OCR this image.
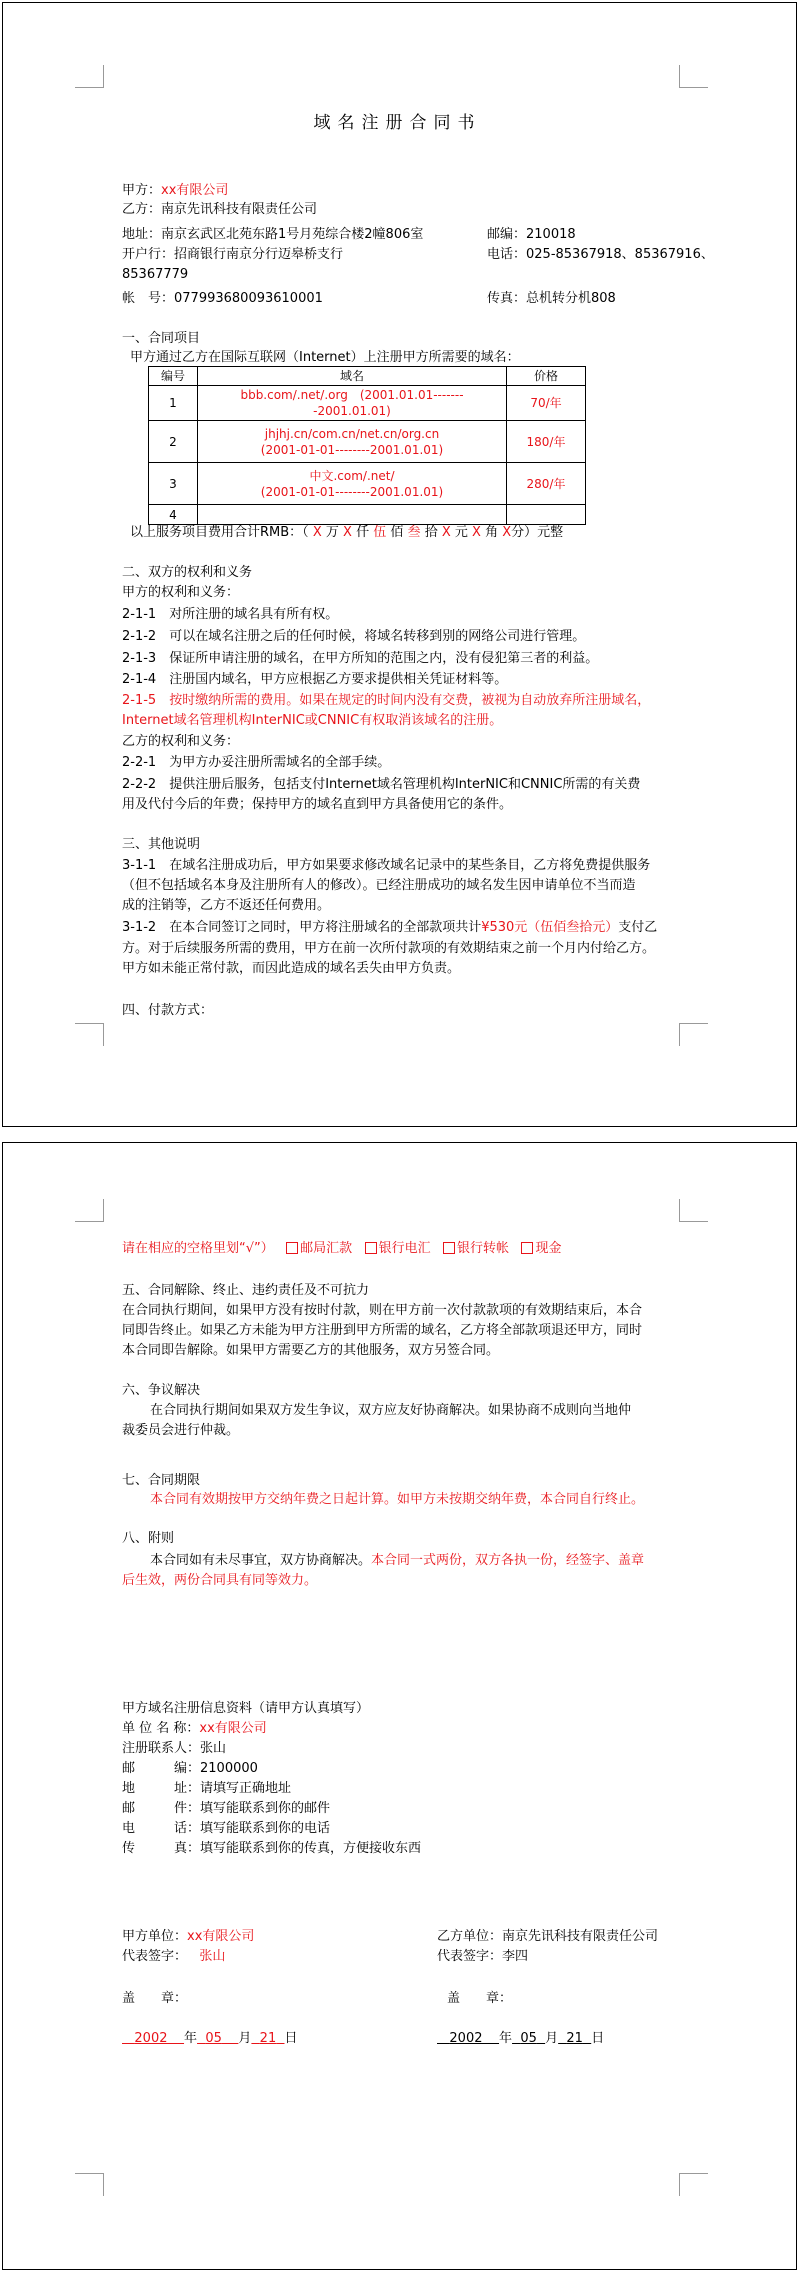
域名注册合同书
甲方：xx有限公司
乙方：南京先讯科技有限责任公司
地址：南京玄武区北苑东路1号月苑综合楼2幢806室	邮编：210018
开户行：招商银行南京分行迈皋桥支行	电话：025-85367918、85367916、
85367779
帐　号：077993680093610001	传真：总机转分机808
一、合同项目
甲方通过乙方在国际互联网（Internet）上注册甲方所需要的域名：
编号	域名	价格
1	bbb.com/.net/.org　(2001.01.01--------2001.01.01)	70/年
2	jhjhj.cn/com.cn/net.cn/org.cn
(2001-01-01--------2001.01.01)	180/年
3	中文.com/.net/
(2001-01-01--------2001.01.01)	280/年
4		
以上服务项目费用合计RMB：（ X 万 X 仟 伍 佰 叁 拾 X 元 X 角 X分）元整
二、双方的权利和义务
甲方的权利和义务：
2-1-1　对所注册的域名具有所有权。
2-1-2　可以在域名注册之后的任何时候，将域名转移到别的网络公司进行管理。
2-1-3　保证所申请注册的域名，在甲方所知的范围之内，没有侵犯第三者的利益。
2-1-4　注册国内域名，甲方应根据乙方要求提供相关凭证材料等。
2-1-5　按时缴纳所需的费用。如果在规定的时间内没有交费，被视为自动放弃所注册域名，
Internet域名管理机构InterNIC或CNNIC有权取消该域名的注册。
乙方的权利和义务：
2-2-1　为甲方办妥注册所需域名的全部手续。
2-2-2　提供注册后服务，包括支付Internet域名管理机构InterNIC和CNNIC所需的有关费
用及代付今后的年费；保持甲方的域名直到甲方具备使用它的条件。
三、其他说明
3-1-1　在域名注册成功后，甲方如果要求修改域名记录中的某些条目，乙方将免费提供服务
（但不包括域名本身及注册所有人的修改）。已经注册成功的域名发生因申请单位不当而造
成的注销等，乙方不返还任何费用。
3-1-2　在本合同签订之同时，甲方将注册域名的全部款项共计¥530元（伍佰叁拾元）支付乙
方。对于后续服务所需的费用，甲方在前一次所付款项的有效期结束之前一个月内付给乙方。
甲方如未能正常付款，而因此造成的域名丢失由甲方负责。
四、付款方式：
请在相应的空格里划“√”） 邮局汇款 银行电汇 银行转帐 现金
五、合同解除、终止、违约责任及不可抗力
在合同执行期间，如果甲方没有按时付款，则在甲方前一次付款款项的有效期结束后，本合
同即告终止。如果乙方未能为甲方注册到甲方所需的域名，乙方将全部款项退还甲方，同时
本合同即告解除。如果甲方需要乙方的其他服务，双方另签合同。
六、争议解决
在合同执行期间如果双方发生争议，双方应友好协商解决。如果协商不成则向当地仲
裁委员会进行仲裁。
七、合同期限
本合同有效期按甲方交纳年费之日起计算。如甲方未按期交纳年费，本合同自行终止。
八、附则
本合同如有未尽事宜，双方协商解决。本合同一式两份，双方各执一份，经签字、盖章
后生效，两份合同具有同等效力。
甲方域名注册信息资料（请甲方认真填写）
单 位 名 称：xx有限公司
注册联系人：张山
邮　　　编：2100000
地　　　址：请填写正确地址
邮　　　件：填写能联系到你的邮件
电　　　话：填写能联系到你的电话
传　　　真：填写能联系到你的传真，方便接收东西
甲方单位：xx有限公司	乙方单位：南京先讯科技有限责任公司
代表签字： 张山	代表签字：李四
盖　　章：	盖　　章：
2002 年 05 月 21 日	2002 年 05 月 21 日
